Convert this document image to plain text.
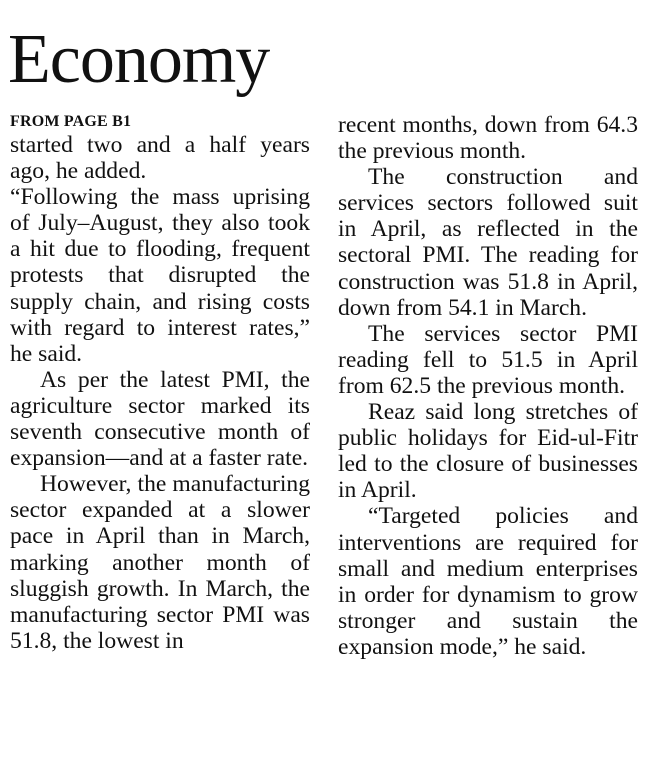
Economy
FROM PAGE B1

started two and a half years ago, he added.

“Following the mass uprising of July–August, they also took a hit due to flooding, frequent protests that disrupted the supply chain, and rising costs with regard to interest rates,” he said.

As per the latest PMI, the agriculture sector marked its seventh consecutive month of expansion—and at a faster rate.

However, the manufacturing sector expanded at a slower pace in April than in March, marking another month of sluggish growth. In March, the manufacturing sector PMI was 51.8, the lowest in

recent months, down from 64.3 the previous month.

The construction and services sectors followed suit in April, as reflected in the sectoral PMI. The reading for construction was 51.8 in April, down from 54.1 in March.

The services sector PMI reading fell to 51.5 in April from 62.5 the previous month.

Reaz said long stretches of public holidays for Eid-ul-Fitr led to the closure of businesses in April.

“Targeted policies and interventions are required for small and medium enterprises in order for dynamism to grow stronger and sustain the expansion mode,” he said.
